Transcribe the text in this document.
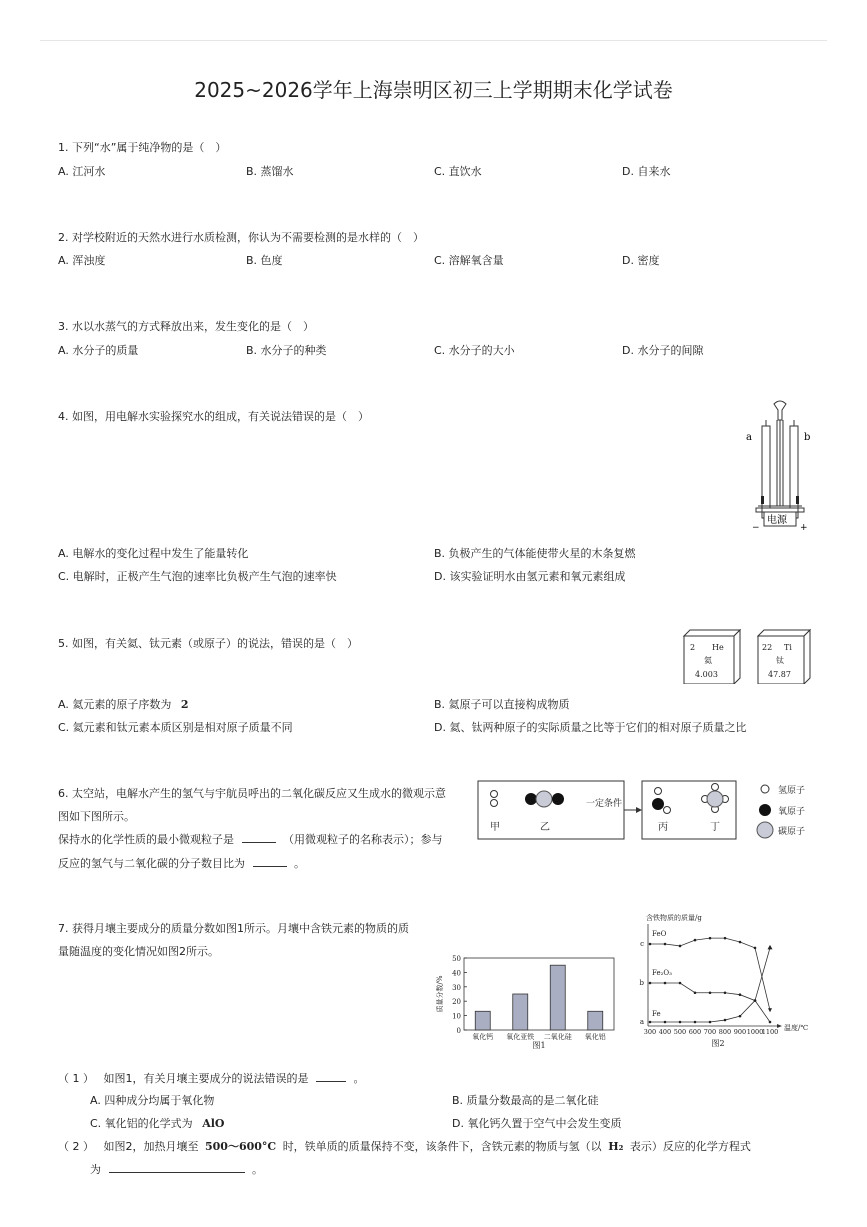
2025~2026学年上海崇明区初三上学期期末化学试卷
1. 下列“水”属于纯净物的是（　）
A. 江河水	B. 蒸馏水	C. 直饮水	D. 自来水
2. 对学校附近的天然水进行水质检测，你认为不需要检测的是水样的（　）
A. 浑浊度	B. 色度	C. 溶解氧含量	D. 密度
3. 水以水蒸气的方式释放出来，发生变化的是（　）
A. 水分子的质量	B. 水分子的种类	C. 水分子的大小	D. 水分子的间隙
4. 如图，用电解水实验探究水的组成，有关说法错误的是（　）
a	b
电源
−	+
A. 电解水的变化过程中发生了能量转化	B. 负极产生的气体能使带火星的木条复燃
C. 电解时，正极产生气泡的速率比负极产生气泡的速率快	D. 该实验证明水由氢元素和氧元素组成
5. 如图，有关氦、钛元素（或原子）的说法，错误的是（　）	2 He
氦
4.003
22 Ti
钛
47.87
A. 氦元素的原子序数为 2	B. 氦原子可以直接构成物质
C. 氦元素和钛元素本质区别是相对原子质量不同	D. 氦、钛两种原子的实际质量之比等于它们的相对原子质量之比
6. 太空站，电解水产生的氢气与宇航员呼出的二氧化碳反应又生成水的微观示意
图如下图所示。
保持水的化学性质的最小微观粒子是	（用微观粒子的名称表示）；参与
反应的氢气与二氧化碳的分子数目比为	。
一定条件
甲	乙	丙	丁
氢原子
氧原子
碳原子
7. 获得月壤主要成分的质量分数如图1所示。月壤中含铁元素的物质的质
量随温度的变化情况如图2所示。
0
10
20
30
40
50
质量分数/%
氧化钙 氧化亚铁 二氧化硅 氧化铝
图1
含铁物质的质量/g
温度/℃
a
b
c
300 400 500 600 700 800 900 1000
1100
FeO
Fe₂O₃
Fe
图2
（ 1 ） 如图1，有关月壤主要成分的说法错误的是	。
A. 四种成分均属于氧化物	B. 质量分数最高的是二氧化硅
C. 氧化铝的化学式为 AlO	D. 氧化钙久置于空气中会发生变质
（ 2 ） 如图2，加热月壤至 500～600°C 时，铁单质的质量保持不变，该条件下，含铁元素的物质与氢（以 H₂ 表示）反应的化学方程式
为	。
